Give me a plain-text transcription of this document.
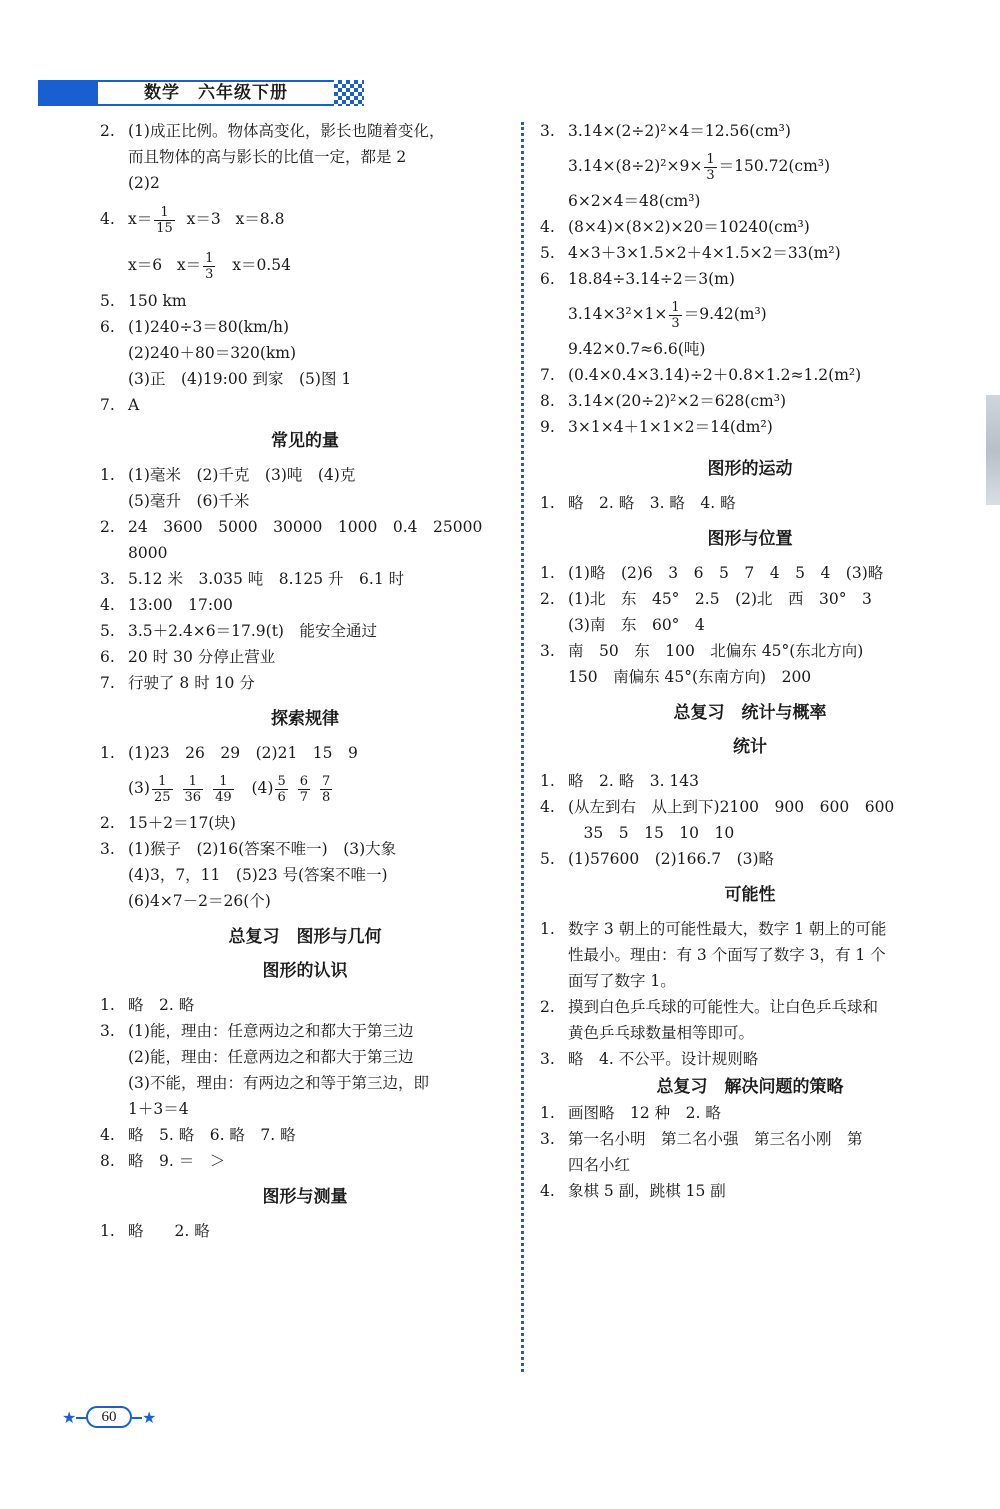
数学　六年级下册
2. (1)成正比例。物体高变化，影长也随着变化，
而且物体的高与影长的比值一定，都是 2
(2)2
4. $x= \frac{1}{15} x=3$ x＝8.8
x＝6 $x= \frac{1}{3} x=0.54$
5. 150 km
6. (1)240÷3＝80(km/h)
(2)240＋80＝320(km)
(3)正　(4)19:00 到家　(5)图 1
7. A
常见的量
1. (1)毫米　(2)千克　(3)吨　(4)克
(5)毫升　(6)千米
2. 24　3600　5000　30000　1000　0.4　25000
8000
3. 5.12 米　3.035 吨　8.125 升　6.1 时
4. 13:00　17:00
5. 3.5＋2.4×6＝17.9(t)　能安全通过
6. 20 时 30 分停止营业
7. 行驶了 8 时 10 分
探索规律
1. (1)23　26　29　(2)21　15　9
$(3) \frac{1}{25} \frac{1}{36} \frac{1}{49} (4) \frac{5}{6} \frac{6}{7} \frac{7}{8}$
2. 15＋2＝17(块)
3. (1)猴子　(2)16(答案不唯一)　(3)大象
(4)3，7，11　(5)23 号(答案不唯一)
(6)4×7－2＝26(个)
总复习　图形与几何
图形的认识
1. 略　2. 略
3. (1)能，理由：任意两边之和都大于第三边
(2)能，理由：任意两边之和都大于第三边
(3)不能，理由：有两边之和等于第三边，即
1＋3＝4
4. 略　5. 略　6. 略　7. 略
8. 略　9. ＝　＞
图形与测量
1. 略　　2. 略
3. 3.14×(2÷2)²×4＝12.56(cm³)
$3.14\times(8\div 2)^2\times 9\times \frac{1}{3} =150.72(cm^3)$
6×2×4＝48(cm³)
4. (8×4)×(8×2)×20＝10240(cm³)
5. 4×3＋3×1.5×2＋4×1.5×2＝33(m²)
6. 18.84÷3.14÷2＝3(m)
$3.14\times 3^2\times 1\times \frac{1}{3} =9.42(m^3)$
9.42×0.7≈6.6(吨)
7. (0.4×0.4×3.14)÷2＋0.8×1.2≈1.2(m²)
8. 3.14×(20÷2)²×2＝628(cm³)
9. 3×1×4＋1×1×2＝14(dm²)
图形的运动
1. 略　2. 略　3. 略　4. 略
图形与位置
1. (1)略　(2)6　3　6　5　7　4　5　4　(3)略
2. (1)北　东　45°　2.5　(2)北　西　30°　3
(3)南　东　60°　4
3. 南　50　东　100　北偏东 45°(东北方向)
150　南偏东 45°(东南方向)　200
总复习　统计与概率
统计
1. 略　2. 略　3. 143
4. (从左到右　从上到下)2100　900　600　600
　35　5　15　10　10
5. (1)57600　(2)166.7　(3)略
可能性
1. 数字 3 朝上的可能性最大，数字 1 朝上的可能
性最小。理由：有 3 个面写了数字 3，有 1 个
面写了数字 1。
2. 摸到白色乒乓球的可能性大。让白色乒乓球和
黄色乒乓球数量相等即可。
3. 略　4. 不公平。设计规则略
总复习　解决问题的策略
1. 画图略　12 种　2. 略
3. 第一名小明　第二名小强　第三名小刚　第
四名小红
4. 象棋 5 副，跳棋 15 副
★	60	★
